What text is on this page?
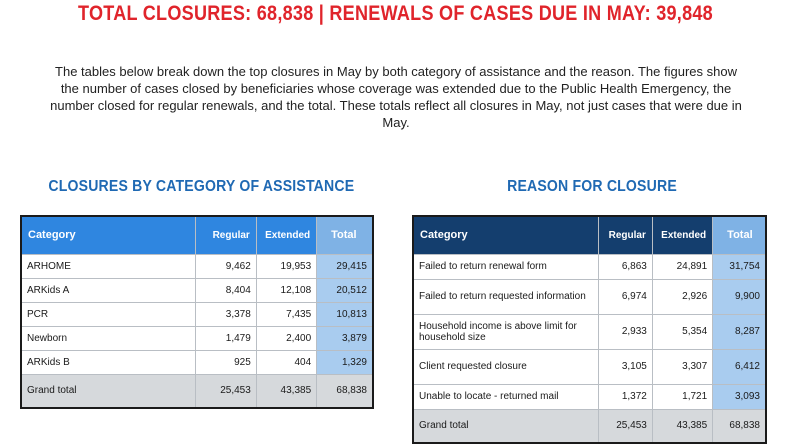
TOTAL CLOSURES: 68,838 | RENEWALS OF CASES DUE IN MAY: 39,848

The tables below break down the top closures in May by both category of assistance and the reason. The figures show the number of cases closed by beneficiaries whose coverage was extended due to the Public Health Emergency, the number closed for regular renewals, and the total. These totals reflect all closures in May, not just cases that were due in May.

CLOSURES BY CATEGORY OF ASSISTANCE	REASON FOR CLOSURE
Category	Regular	Extended	Total
ARHOME	9,462	19,953	29,415
ARKids A	8,404	12,108	20,512
PCR	3,378	7,435	10,813
Newborn	1,479	2,400	3,879
ARKids B	925	404	1,329
Grand total	25,453	43,385	68,838
Category	Regular	Extended	Total
Failed to return renewal form	6,863	24,891	31,754
Failed to return requested information	6,974	2,926	9,900
Household income is above limit for household size	2,933	5,354	8,287
Client requested closure	3,105	3,307	6,412
Unable to locate - returned mail	1,372	1,721	3,093
Grand total	25,453	43,385	68,838
